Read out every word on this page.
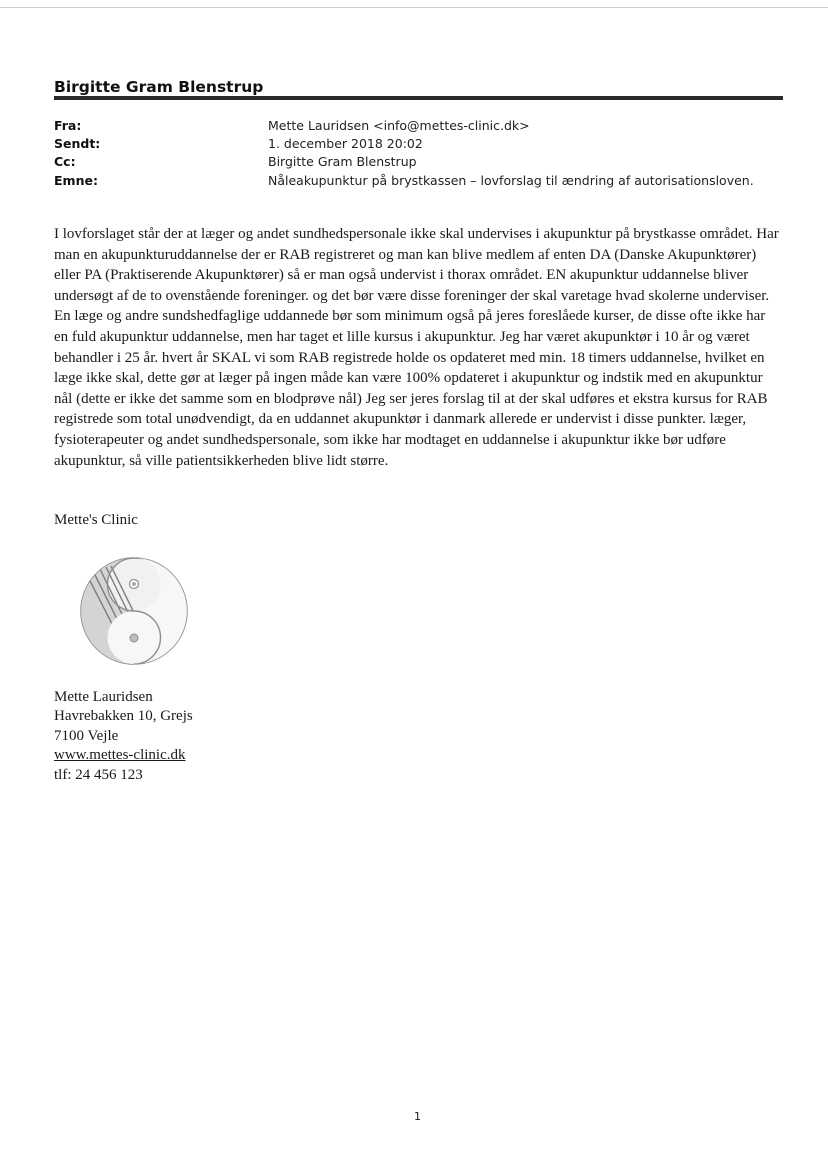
Birgitte Gram Blenstrup
Fra:	Mette Lauridsen <info@mettes-clinic.dk>
Sendt:	1. december 2018 20:02
Cc:	Birgitte Gram Blenstrup
Emne:	Nåleakupunktur på brystkassen – lovforslag til ændring af autorisationsloven.

I lovforslaget står der at læger og andet sundhedspersonale ikke skal undervises i akupunktur på brystkasse området. Har man en akupunkturuddannelse der er RAB registreret og man kan blive medlem af enten DA (Danske Akupunktører) eller PA (Praktiserende Akupunktører) så er man også undervist i thorax området. EN akupunktur uddannelse bliver undersøgt af de to ovenstående foreninger. og det bør være disse foreninger der skal varetage hvad skolerne underviser. En læge og andre sundshedfaglige uddannede bør som minimum også på jeres foreslåede kurser, de disse ofte ikke har en fuld akupunktur uddannelse, men har taget et lille kursus i akupunktur. Jeg har været akupunktør i 10 år og været behandler i 25 år. hvert år SKAL vi som RAB registrede holde os opdateret med min. 18 timers uddannelse, hvilket en læge ikke skal, dette gør at læger på ingen måde kan være 100% opdateret i akupunktur og indstik med en akupunktur nål (dette er ikke det samme som en blodprøve nål) Jeg ser jeres forslag til at der skal udføres et ekstra kursus for RAB registrede som total unødvendigt, da en uddannet akupunktør i danmark allerede er undervist i disse punkter. læger, fysioterapeuter og andet sundhedspersonale, som ikke har modtaget en uddannelse i akupunktur ikke bør udføre akupunktur, så ville patientsikkerheden blive lidt større.

Mette's Clinic

Mette Lauridsen
Havrebakken 10, Grejs
7100 Vejle
www.mettes-clinic.dk
tlf: 24 456 123
1
